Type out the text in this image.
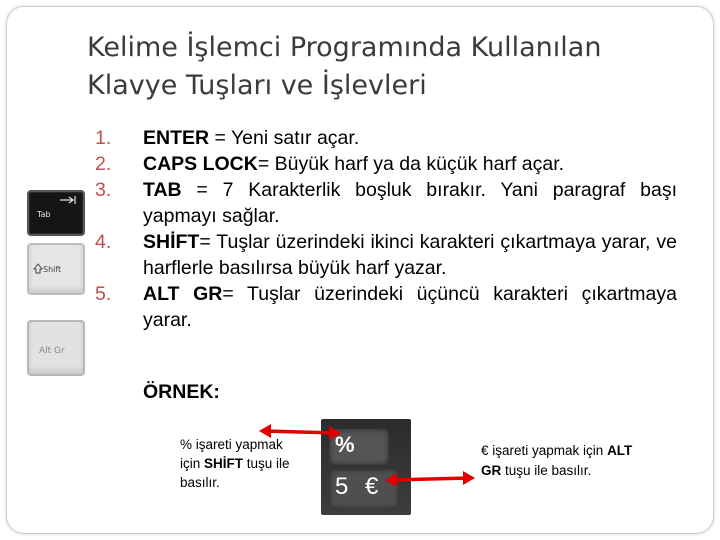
Kelime İşlemci Programında Kullanılan
Klavye Tuşları ve İşlevleri
1. ENTER = Yeni satır açar.
2. CAPS LOCK= Büyük harf ya da küçük harf açar.
3. TAB = 7 Karakterlik boşluk bırakır. Yani paragraf başı yapmayı sağlar.
4. SHİFT= Tuşlar üzerindeki ikinci karakteri çıkartmaya yarar, ve harflerle basılırsa büyük harf yazar.
5. ALT GR= Tuşlar üzerindeki üçüncü karakteri çıkartmaya yarar.
ÖRNEK:
Tab
Shift
Alt Gr
% işareti yapmak için SHİFT tuşu ile basılır.
%
5 €
€ işareti yapmak için ALT GR tuşu ile basılır.
